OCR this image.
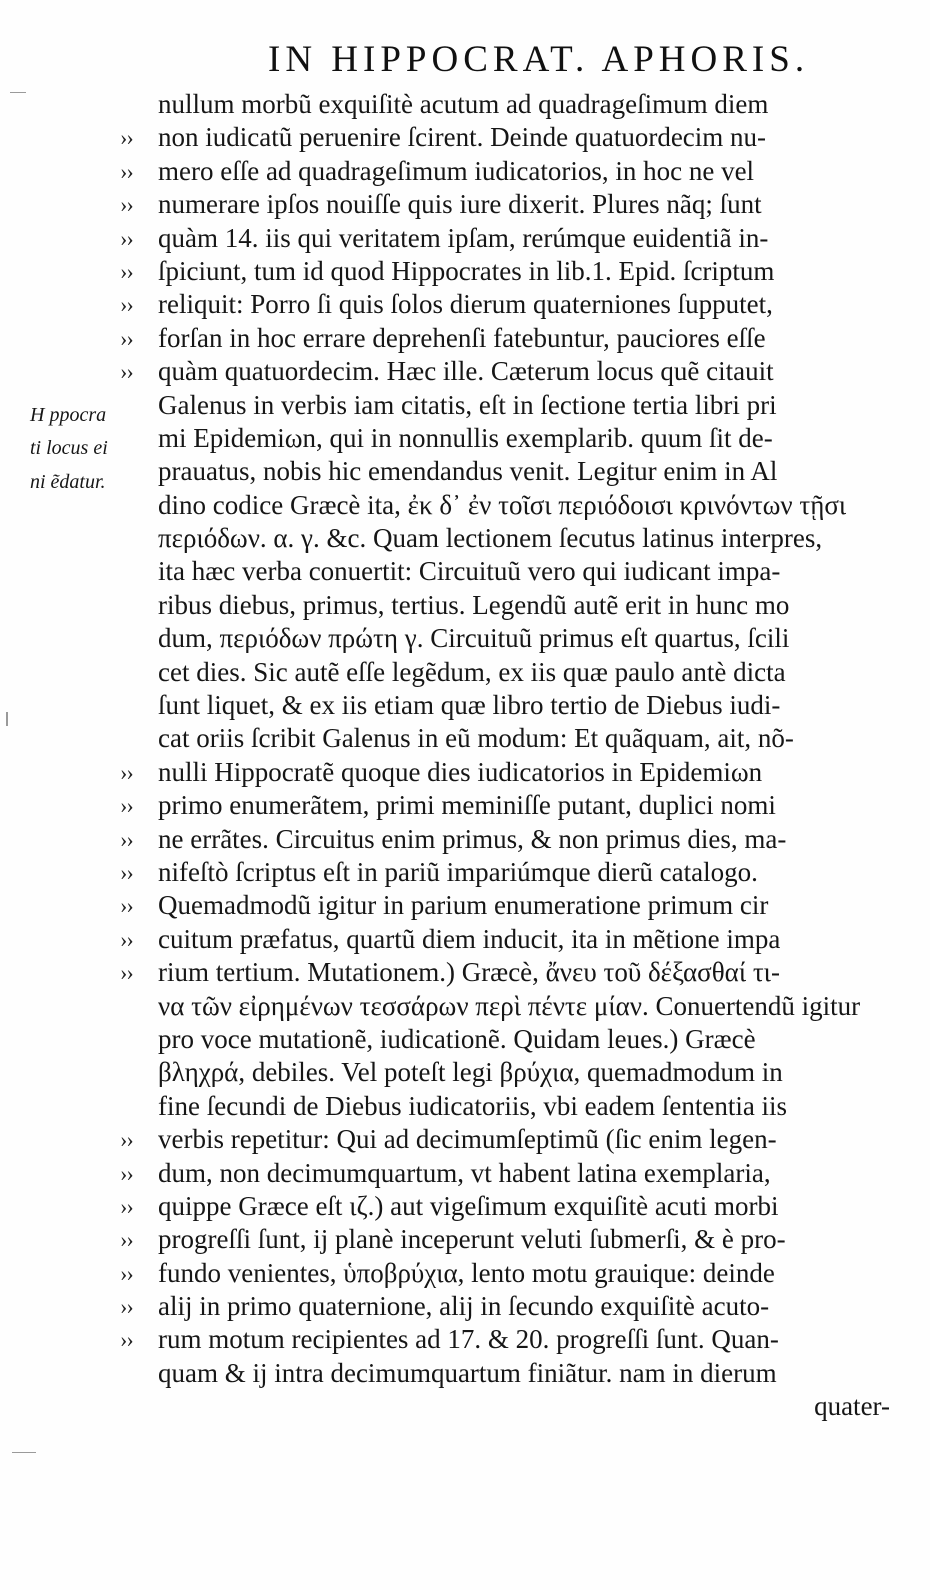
IN HIPPOCRAT. APHORIS.
H ppocra
ti locus ei
ni ẽdatur.
nullum morbũ exquiſitè acutum ad quadrageſimum diem
›› non iudicatũ peruenire ſcirent. Deinde quatuordecim nu-
›› mero eſſe ad quadrageſimum iudicatorios, in hoc ne vel
›› numerare ipſos nouiſſe quis iure dixerit. Plures nãq; ſunt
›› quàm 14. iis qui veritatem ipſam, rerúmque euidentiã in-
›› ſpiciunt, tum id quod Hippocrates in lib.1. Epid. ſcriptum
›› reliquit: Porro ſi quis ſolos dierum quaterniones ſupputet,
›› forſan in hoc errare deprehenſi fatebuntur, pauciores eſſe
›› quàm quatuordecim. Hæc ille. Cæterum locus quẽ citauit
Galenus in verbis iam citatis, eſt in ſectione tertia libri pri
mi Epidemiωn, qui in nonnullis exemplarib. quum ſit de-
prauatus, nobis hic emendandus venit. Legitur enim in Al
dino codice Græcè ita, ἐκ δ᾽ ἐν τοῖσι περιόδοισι κρινόντων τῇσι
περιόδων. α. γ. &c. Quam lectionem ſecutus latinus interpres,
ita hæc verba conuertit: Circuituũ vero qui iudicant impa-
ribus diebus, primus, tertius. Legendũ autẽ erit in hunc mo
dum, περιόδων πρώτη γ. Circuituũ primus eſt quartus, ſcili
cet dies. Sic autẽ eſſe legẽdum, ex iis quæ paulo antè dicta
ſunt liquet, & ex iis etiam quæ libro tertio de Diebus iudi-
cat oriis ſcribit Galenus in eũ modum: Et quãquam, ait, nõ-
›› nulli Hippocratẽ quoque dies iudicatorios in Epidemiωn
›› primo enumerãtem, primi meminiſſe putant, duplici nomi
›› ne errãtes. Circuitus enim primus, & non primus dies, ma-
›› nifeſtò ſcriptus eſt in pariũ impariúmque dierũ catalogo.
›› Quemadmodũ igitur in parium enumeratione primum cir
›› cuitum præfatus, quartũ diem inducit, ita in mẽtione impa
›› rium tertium. Mutationem.) Græcè, ἄνευ τοῦ δέξασθαί τι-
να τῶν εἰρημένων τεσσάρων περὶ πέντε μίαν. Conuertendũ igitur
pro voce mutationẽ, iudicationẽ. Quidam leues.) Græcè
βληχρά, debiles. Vel poteſt legi βρύχια, quemadmodum in
fine ſecundi de Diebus iudicatoriis, vbi eadem ſententia iis
›› verbis repetitur: Qui ad decimumſeptimũ (ſic enim legen-
›› dum, non decimumquartum, vt habent latina exemplaria,
›› quippe Græce eſt ιζ.) aut vigeſimum exquiſitè acuti morbi
›› progreſſi ſunt, ij planè inceperunt veluti ſubmerſi, & è pro-
›› fundo venientes, ὑποβρύχια, lento motu grauique: deinde
›› alij in primo quaternione, alij in ſecundo exquiſitè acuto-
›› rum motum recipientes ad 17. & 20. progreſſi ſunt. Quan-
quam & ij intra decimumquartum finiãtur. nam in dierum
quater-
